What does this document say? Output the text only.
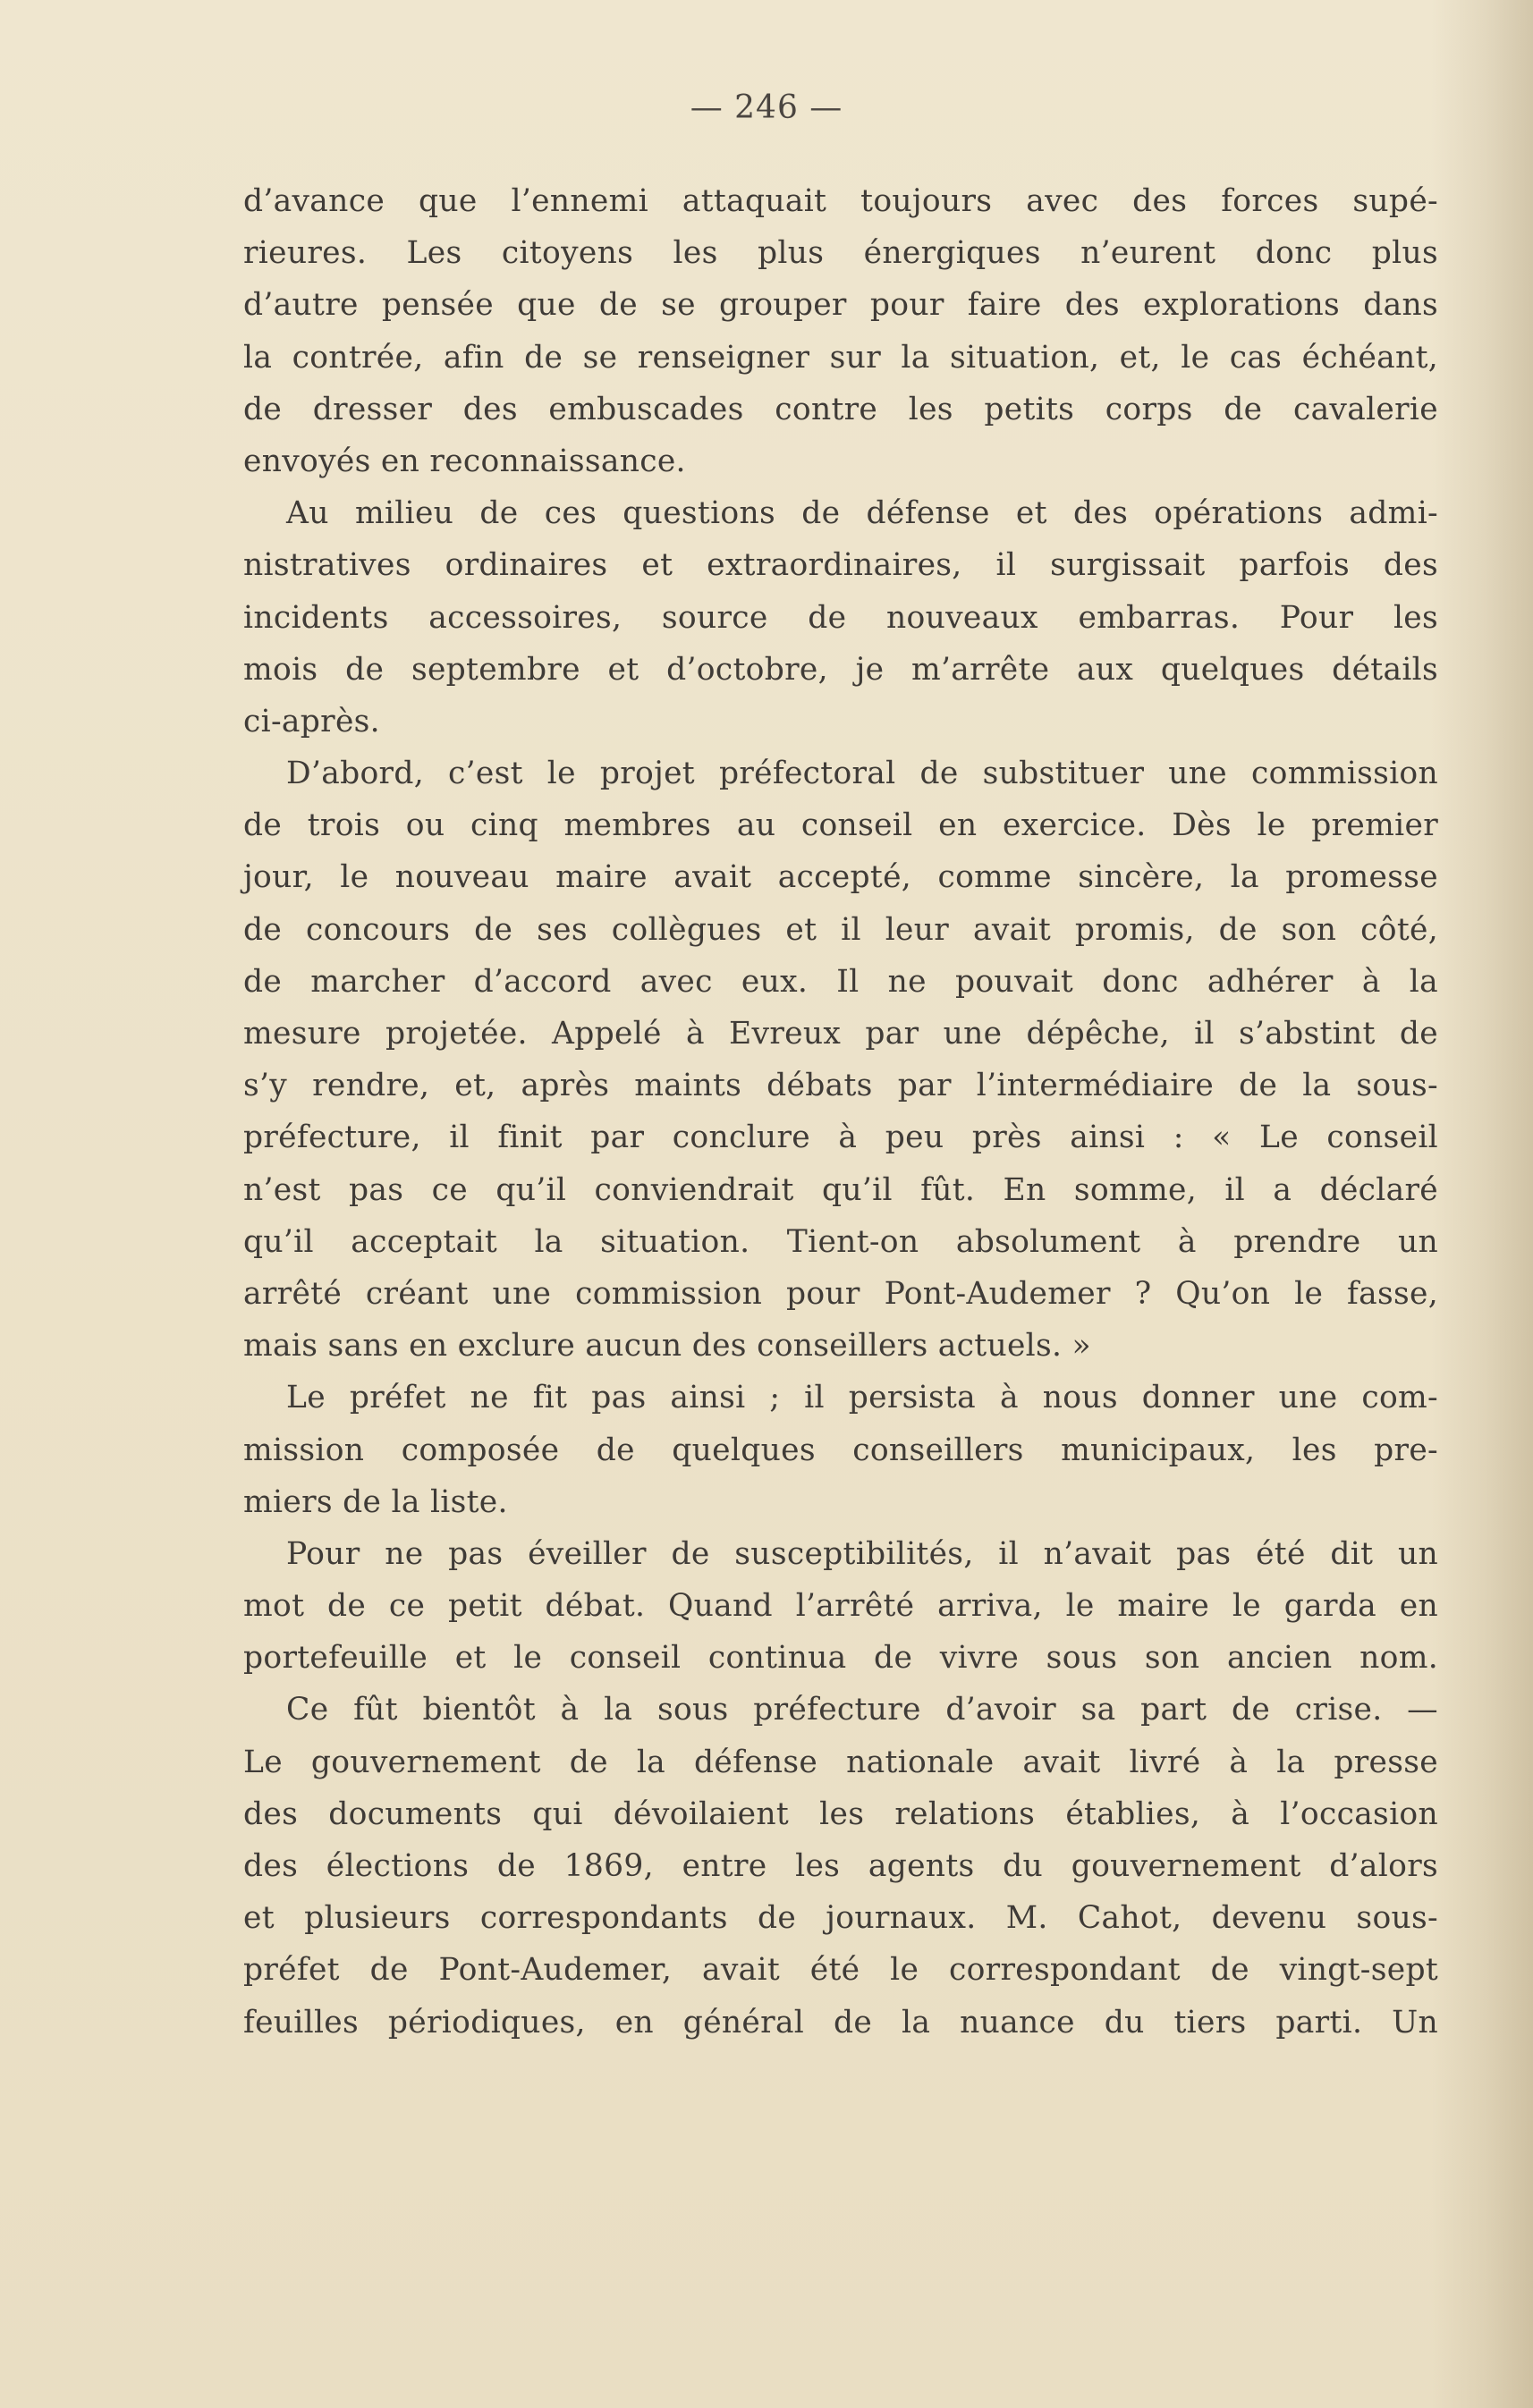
— 246 —
d’avance que l’ennemi attaquait toujours avec des forces supé-
rieures. Les citoyens les plus énergiques n’eurent donc plus
d’autre pensée que de se grouper pour faire des explorations dans
la contrée, afin de se renseigner sur la situation, et, le cas échéant,
de dresser des embuscades contre les petits corps de cavalerie
envoyés en reconnaissance.
Au milieu de ces questions de défense et des opérations admi-
nistratives ordinaires et extraordinaires, il surgissait parfois des
incidents accessoires, source de nouveaux embarras. Pour les
mois de septembre et d’octobre, je m’arrête aux quelques détails
ci-après.
D’abord, c’est le projet préfectoral de substituer une commission
de trois ou cinq membres au conseil en exercice. Dès le premier
jour, le nouveau maire avait accepté, comme sincère, la promesse
de concours de ses collègues et il leur avait promis, de son côté,
de marcher d’accord avec eux. Il ne pouvait donc adhérer à la
mesure projetée. Appelé à Evreux par une dépêche, il s’abstint de
s’y rendre, et, après maints débats par l’intermédiaire de la sous-
préfecture, il finit par conclure à peu près ainsi : « Le conseil
n’est pas ce qu’il conviendrait qu’il fût. En somme, il a déclaré
qu’il acceptait la situation. Tient-on absolument à prendre un
arrêté créant une commission pour Pont-Audemer ? Qu’on le fasse,
mais sans en exclure aucun des conseillers actuels. »
Le préfet ne fit pas ainsi ; il persista à nous donner une com-
mission composée de quelques conseillers municipaux, les pre-
miers de la liste.
Pour ne pas éveiller de susceptibilités, il n’avait pas été dit un
mot de ce petit débat. Quand l’arrêté arriva, le maire le garda en
portefeuille et le conseil continua de vivre sous son ancien nom.
Ce fût bientôt à la sous préfecture d’avoir sa part de crise. —
Le gouvernement de la défense nationale avait livré à la presse
des documents qui dévoilaient les relations établies, à l’occasion
des élections de 1869, entre les agents du gouvernement d’alors
et plusieurs correspondants de journaux. M. Cahot, devenu sous-
préfet de Pont-Audemer, avait été le correspondant de vingt-sept
feuilles périodiques, en général de la nuance du tiers parti. Un
